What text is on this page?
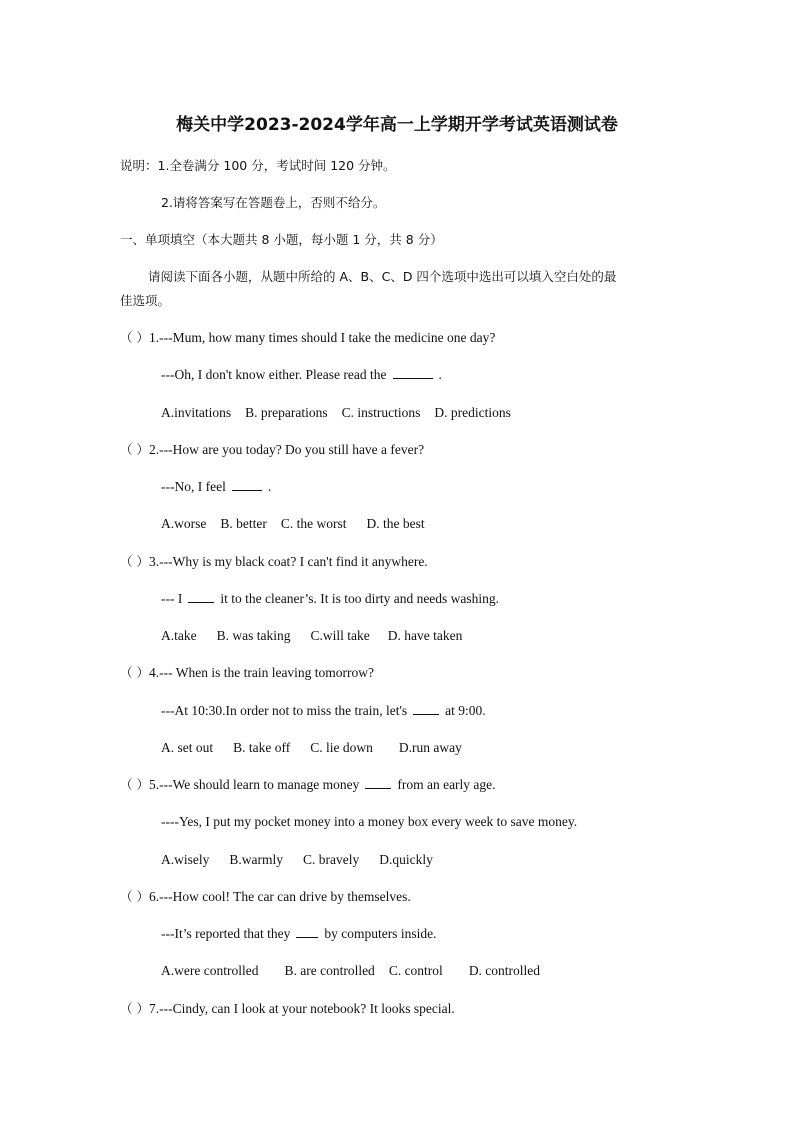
梅关中学2023-2024学年高一上学期开学考试英语测试卷
说明：1.全卷满分 100 分，考试时间 120 分钟。
2.请将答案写在答题卷上，否则不给分。
一、单项填空（本大题共 8 小题，每小题 1 分，共 8 分）
请阅读下面各小题，从题中所给的 A、B、C、D 四个选项中选出可以填入空白处的最
佳选项。
（ ）1.---Mum, how many times should I take the medicine one day?
---Oh, I don't know either. Please read the	.
A.invitations B. preparations C. instructions D. predictions
（ ）2.---How are you today? Do you still have a fever?
---No, I feel	.
A.worse B. better C. the worst D. the best
（ ）3.---Why is my black coat? I can't find it anywhere.
--- I	it to the cleaner’s. It is too dirty and needs washing.
A.take B. was taking C.will take D. have taken
（ ）4.--- When is the train leaving tomorrow?
---At 10:30.In order not to miss the train, let's	at 9:00.
A. set out B. take off C. lie down D.run away
（ ）5.---We should learn to manage money	from an early age.
----Yes, I put my pocket money into a money box every week to save money.
A.wisely B.warmly C. bravely D.quickly
（ ）6.---How cool! The car can drive by themselves.
---It’s reported that they	by computers inside.
A.were controlled B. are controlled C. control D. controlled
（ ）7.---Cindy, can I look at your notebook? It looks special.
